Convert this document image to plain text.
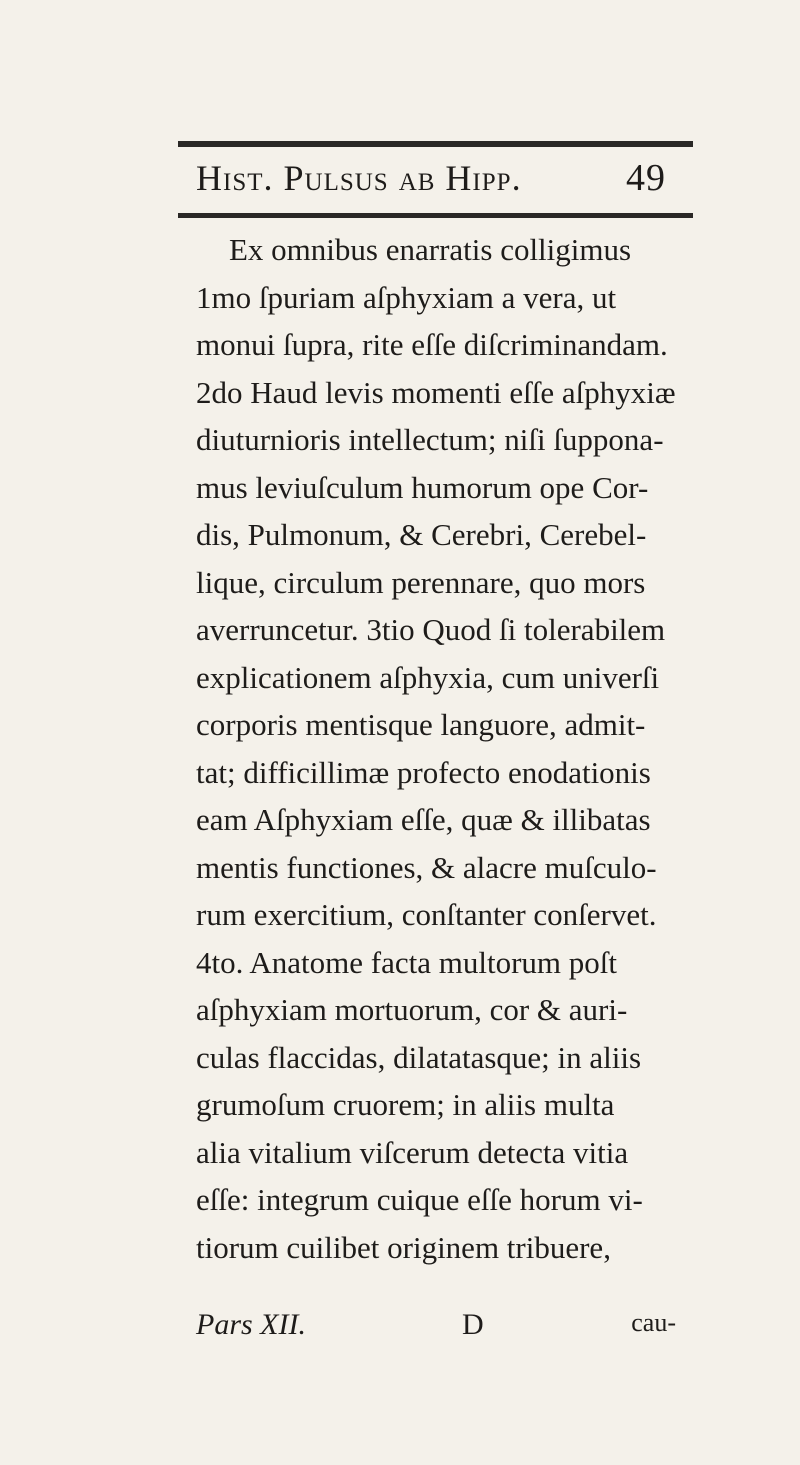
Hist. Pulsus ab Hipp.	49
Ex omnibus enarratis colligimus
1mo ſpuriam aſphyxiam a vera, ut
monui ſupra, rite eſſe diſcriminandam.
2do Haud levis momenti eſſe aſphyxiæ
diuturnioris intellectum; niſi ſuppona-
mus leviuſculum humorum ope Cor-
dis, Pulmonum, & Cerebri, Cerebel-
lique, circulum perennare, quo mors
averruncetur. 3tio Quod ſi tolerabilem
explicationem aſphyxia, cum univerſi
corporis mentisque languore, admit-
tat; difficillimæ profecto enodationis
eam Aſphyxiam eſſe, quæ & illibatas
mentis functiones, & alacre muſculo-
rum exercitium, conſtanter conſervet.
4to. Anatome facta multorum poſt
aſphyxiam mortuorum, cor & auri-
culas flaccidas, dilatatasque; in aliis
grumoſum cruorem; in aliis multa
alia vitalium viſcerum detecta vitia
eſſe: integrum cuique eſſe horum vi-
tiorum cuilibet originem tribuere,
Pars XII.	D	cau-
